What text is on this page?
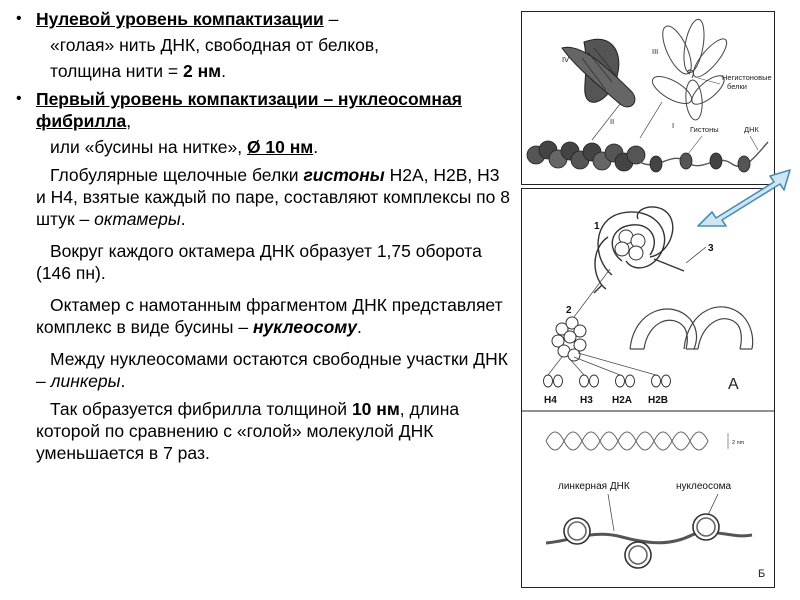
• Нулевой уровень компактизации –

«голая» нить ДНК, свободная от белков,

толщина нити = 2 нм.

• Первый уровень компактизации – нуклеосомная фибрилла,

или «бусины на нитке», Ø 10 нм.

Глобулярные щелочные белки гистоны Н2А, Н2В, Н3 и Н4, взятые каждый по паре, составляют комплексы по 8 штук – октамеры.

Вокруг каждого октамера ДНК образует 1,75 оборота (146 пн).

Октамер с намотанным фрагментом ДНК представляет комплекс в виде бусины – нуклеосому.

Между нуклеосомами остаются свободные участки ДНК – линкеры.

Так образуется фибрилла толщиной 10 нм, длина которой по сравнению с «голой» молекулой ДНК уменьшается в 7 раз.

IV
III
Негистоновые
белки
II	I Гистоны	ДНК
1
3
2
Н4 Н3 Н2А Н2В
А
2 nm
линкерная ДНК	нуклеосома
Б
